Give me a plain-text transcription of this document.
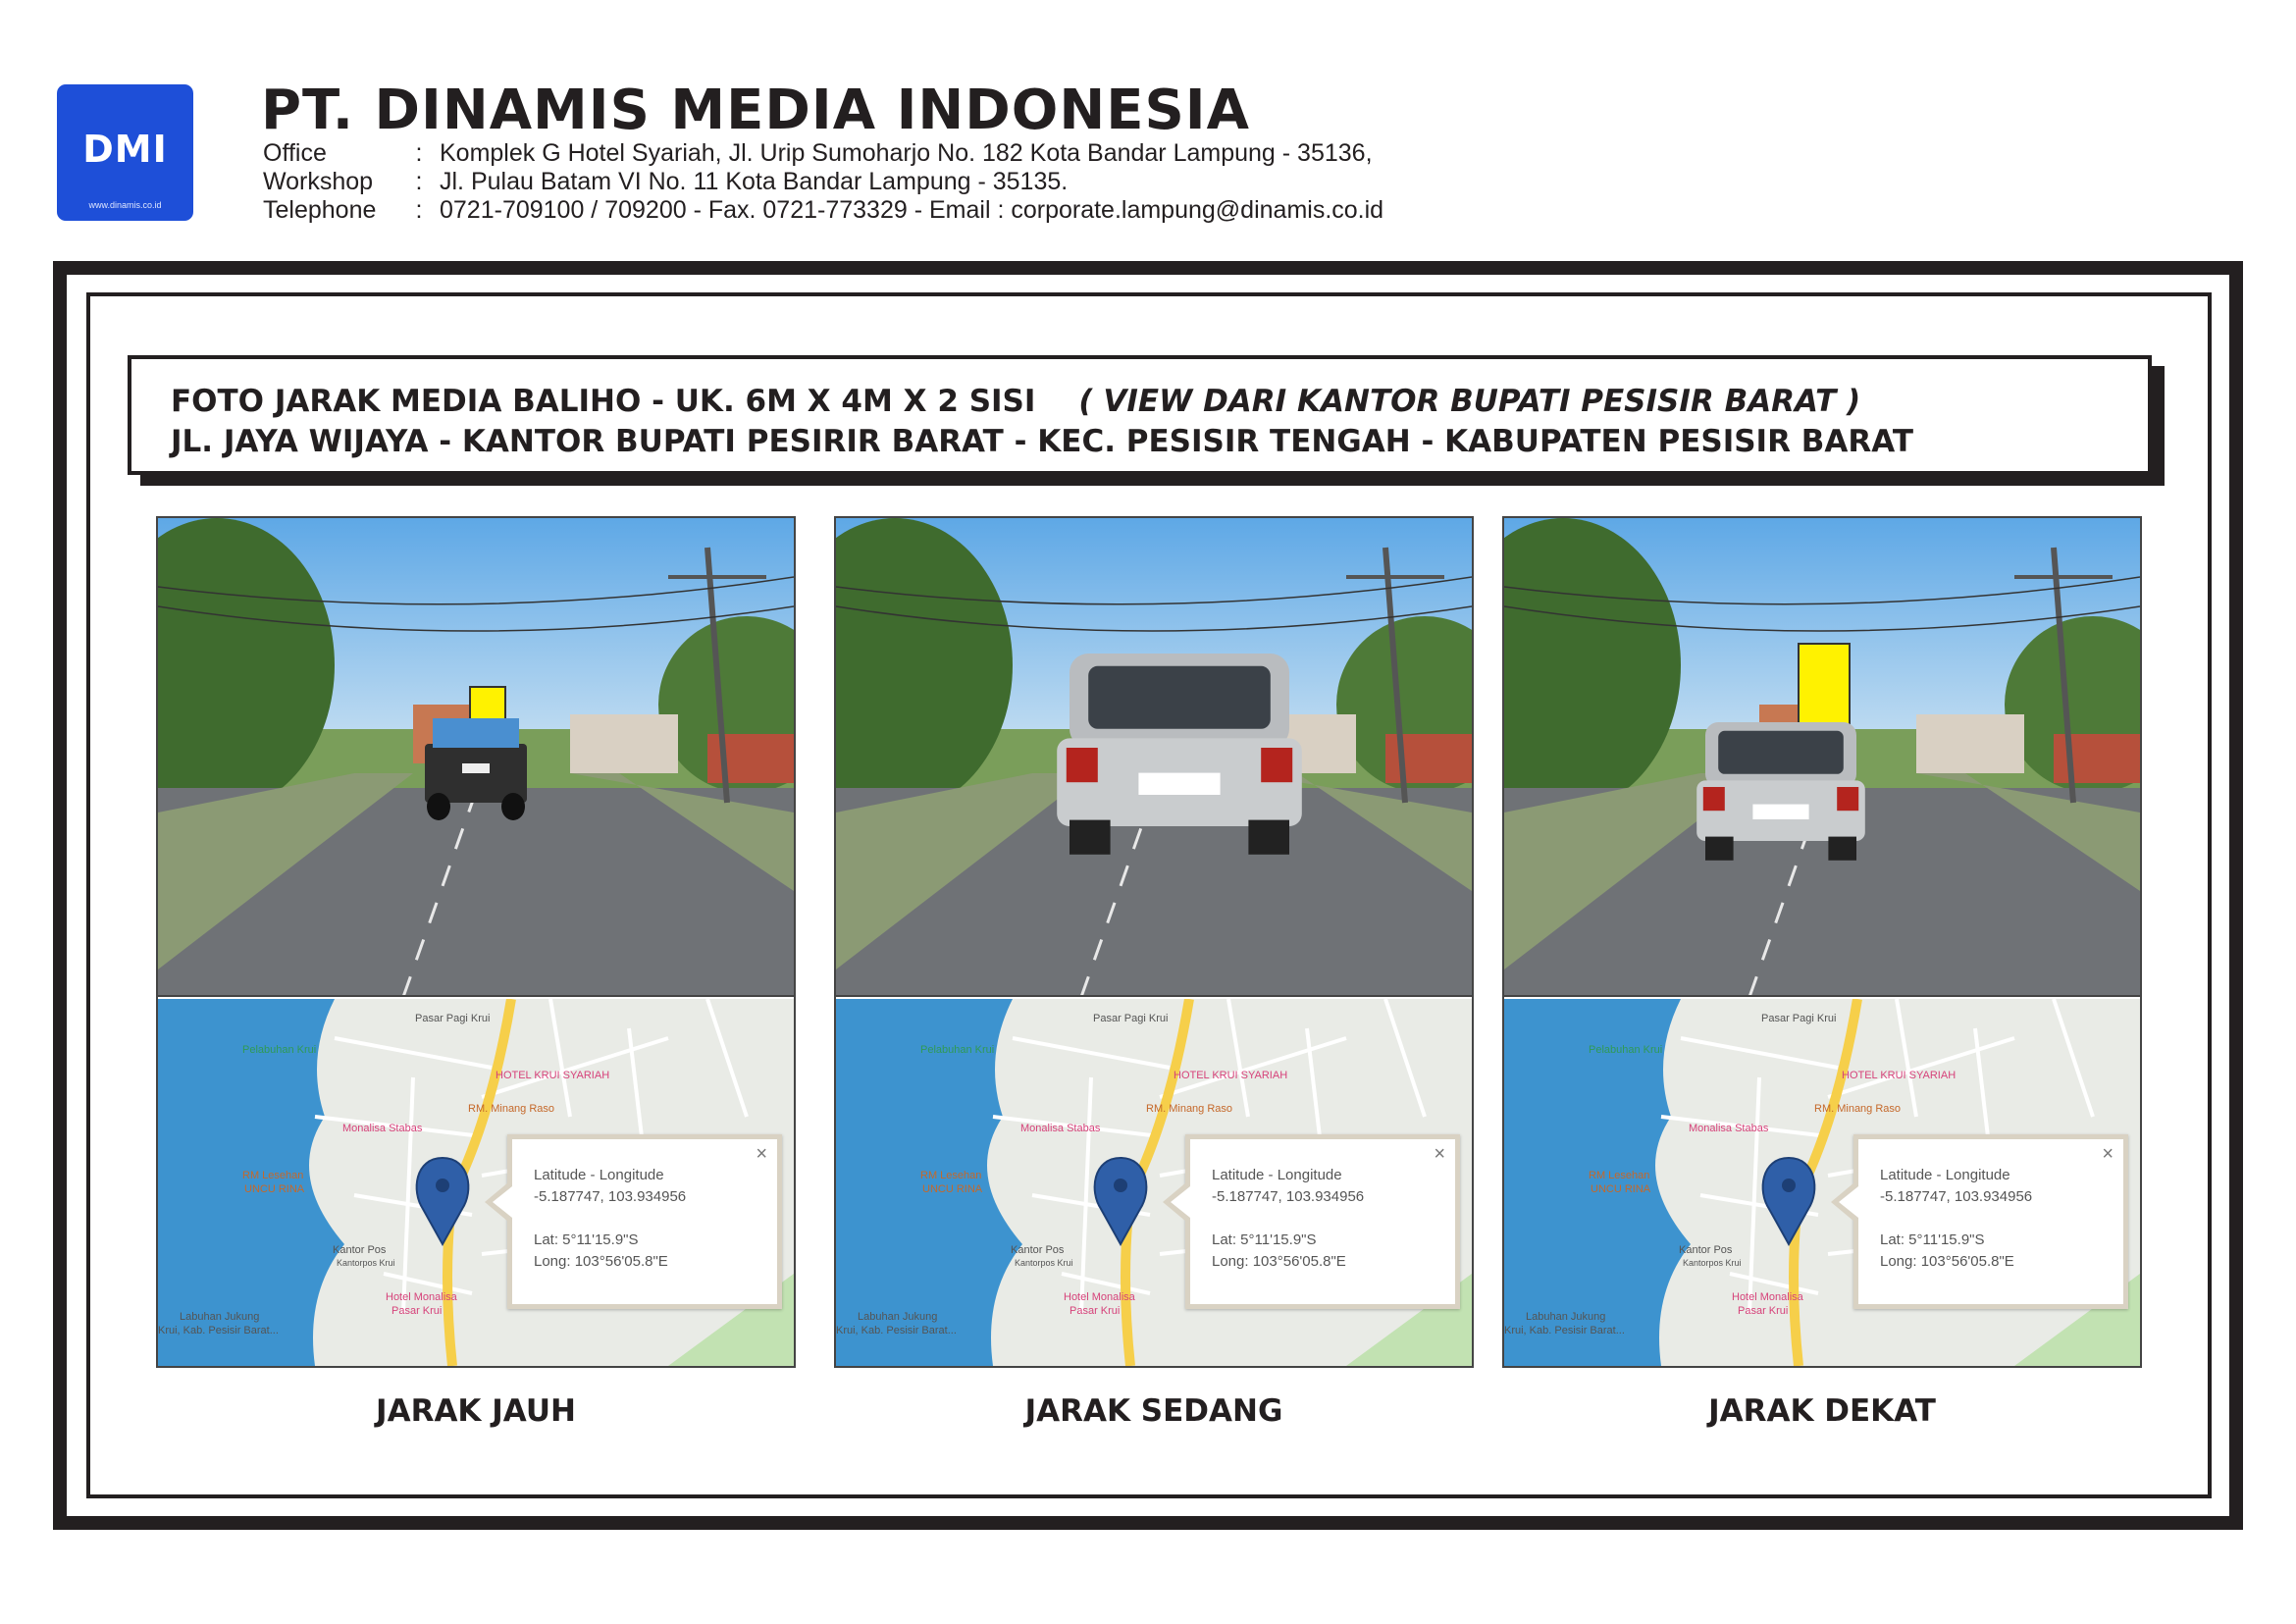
DMI
www.dinamis.co.id
PT. DINAMIS MEDIA INDONESIA
Office	: Komplek G Hotel Syariah, Jl. Urip Sumoharjo No. 182 Kota Bandar Lampung - 35136,
Workshop	: Jl. Pulau Batam VI No. 11 Kota Bandar Lampung - 35135.
Telephone	: 0721-709100 / 709200 - Fax. 0721-773329 - Email : corporate.lampung@dinamis.co.id
FOTO JARAK MEDIA BALIHO - UK. 6M X 4M X 2 SISI ( VIEW DARI KANTOR BUPATI PESISIR BARAT )
JL. JAYA WIJAYA - KANTOR BUPATI PESIRIR BARAT - KEC. PESISIR TENGAH - KABUPATEN PESISIR BARAT
Pasar Pagi Krui
Pelabuhan Krui
HOTEL KRUI SYARIAH
RM. Minang Raso
Monalisa Stabas
RM Lesehan
UNCU RINA
Kantor Pos
Kantorpos Krui
Hotel Monalisa
Pasar Krui
Labuhan Jukung
Krui, Kab. Pesisir Barat...
×
Latitude - Longitude
-5.187747, 103.934956
Lat: 5°11'15.9"S
Long: 103°56'05.8"E
Pasar Pagi Krui
Pelabuhan Krui
HOTEL KRUI SYARIAH
RM. Minang Raso
Monalisa Stabas
RM Lesehan
UNCU RINA
Kantor Pos
Kantorpos Krui
Hotel Monalisa
Pasar Krui
Labuhan Jukung
Krui, Kab. Pesisir Barat...
×
Latitude - Longitude
-5.187747, 103.934956
Lat: 5°11'15.9"S
Long: 103°56'05.8"E
Pasar Pagi Krui
Pelabuhan Krui
HOTEL KRUI SYARIAH
RM. Minang Raso
Monalisa Stabas
RM Lesehan
UNCU RINA
Kantor Pos
Kantorpos Krui
Hotel Monalisa
Pasar Krui
Labuhan Jukung
Krui, Kab. Pesisir Barat...
×
Latitude - Longitude
-5.187747, 103.934956
Lat: 5°11'15.9"S
Long: 103°56'05.8"E
JARAK JAUH	JARAK SEDANG	JARAK DEKAT
